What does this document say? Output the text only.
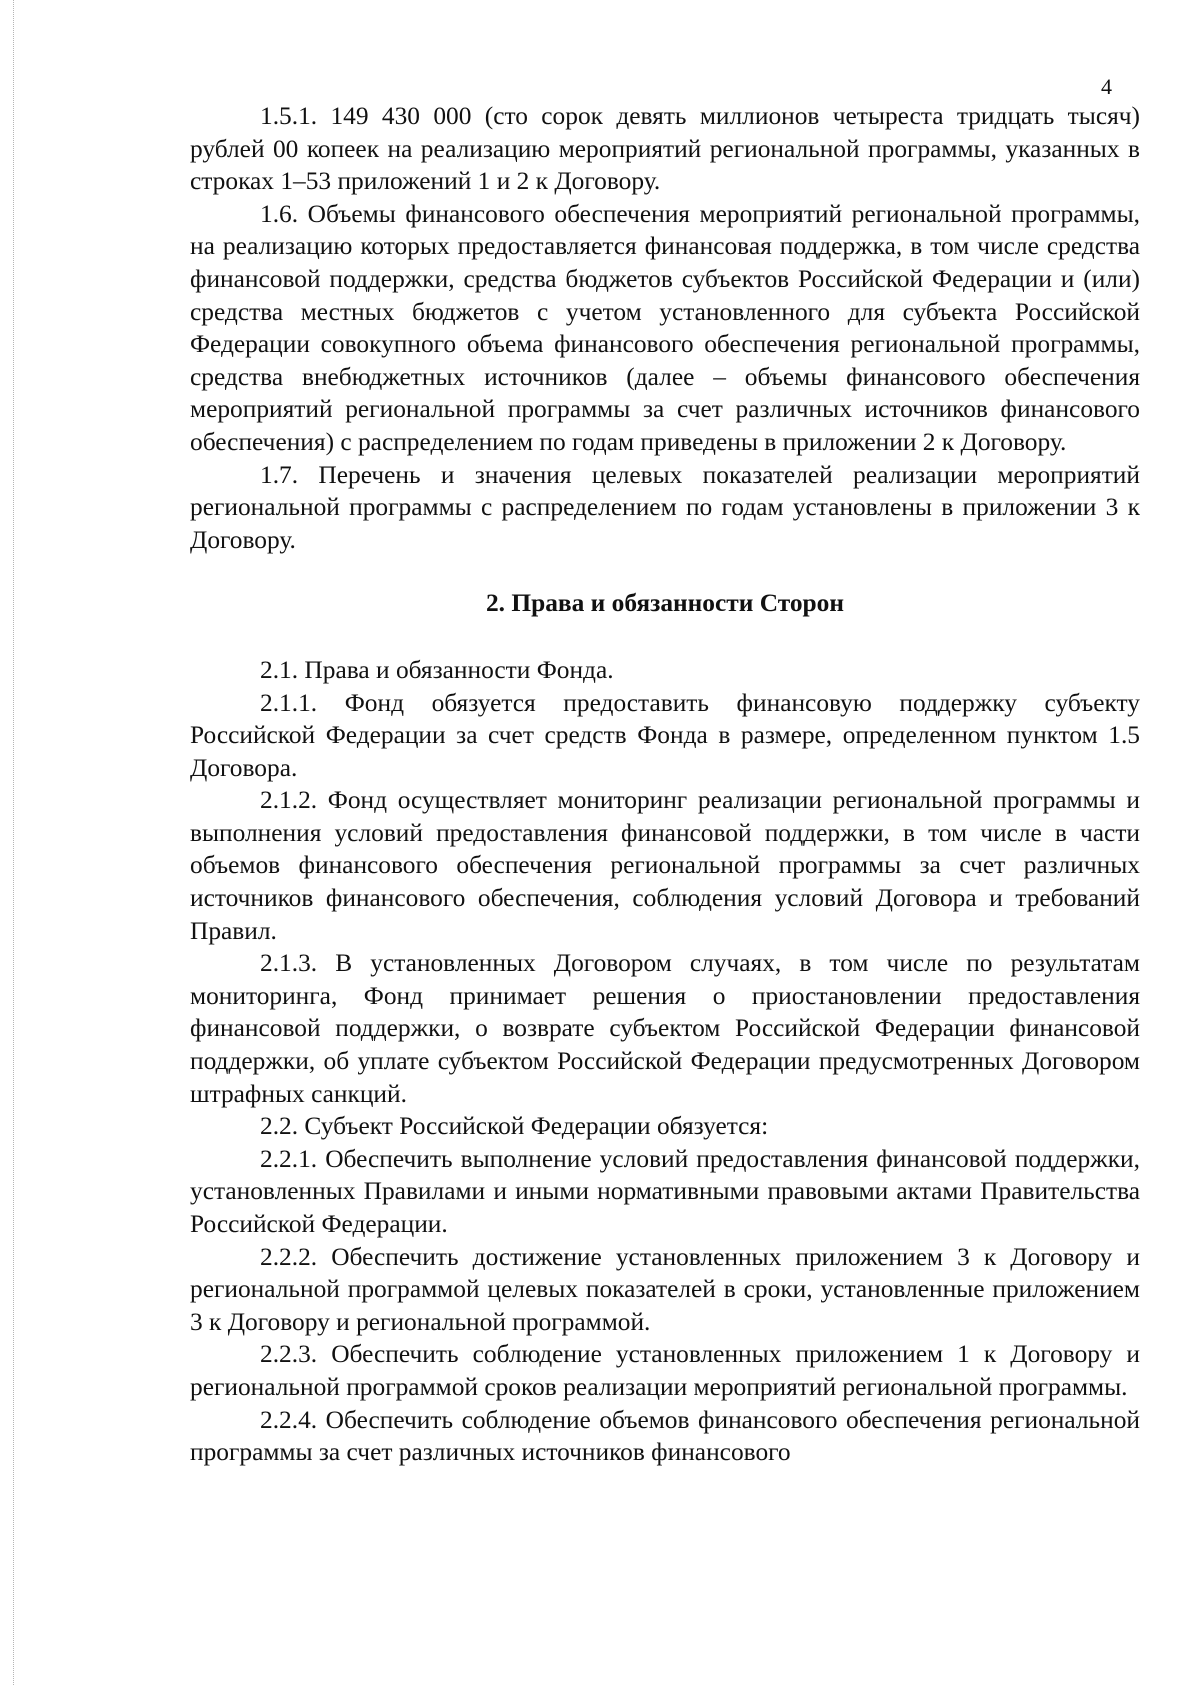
4

1.5.1. 149 430 000 (сто сорок девять миллионов четыреста тридцать тысяч) рублей 00 копеек на реализацию мероприятий региональной программы, указанных в строках 1–53 приложений 1 и 2 к Договору.

1.6. Объемы финансового обеспечения мероприятий региональной программы, на реализацию которых предоставляется финансовая поддержка, в том числе средства финансовой поддержки, средства бюджетов субъектов Российской Федерации и (или) средства местных бюджетов с учетом установленного для субъекта Российской Федерации совокупного объема финансового обеспечения региональной программы, средства внебюджетных источников (далее – объемы финансового обеспечения мероприятий региональной программы за счет различных источников финансового обеспечения) с распределением по годам приведены в приложении 2 к Договору.

1.7. Перечень и значения целевых показателей реализации мероприятий региональной программы с распределением по годам установлены в приложении 3 к Договору.

2. Права и обязанности Сторон

2.1. Права и обязанности Фонда.

2.1.1. Фонд обязуется предоставить финансовую поддержку субъекту Российской Федерации за счет средств Фонда в размере, определенном пунктом 1.5 Договора.

2.1.2. Фонд осуществляет мониторинг реализации региональной программы и выполнения условий предоставления финансовой поддержки, в том числе в части объемов финансового обеспечения региональной программы за счет различных источников финансового обеспечения, соблюдения условий Договора и требований Правил.

2.1.3. В установленных Договором случаях, в том числе по результатам мониторинга, Фонд принимает решения о приостановлении предоставления финансовой поддержки, о возврате субъектом Российской Федерации финансовой поддержки, об уплате субъектом Российской Федерации предусмотренных Договором штрафных санкций.

2.2. Субъект Российской Федерации обязуется:

2.2.1. Обеспечить выполнение условий предоставления финансовой поддержки, установленных Правилами и иными нормативными правовыми актами Правительства Российской Федерации.

2.2.2. Обеспечить достижение установленных приложением 3 к Договору и региональной программой целевых показателей в сроки, установленные приложением 3 к Договору и региональной программой.

2.2.3. Обеспечить соблюдение установленных приложением 1 к Договору и региональной программой сроков реализации мероприятий региональной программы.

2.2.4. Обеспечить соблюдение объемов финансового обеспечения региональной программы за счет различных источников финансового
